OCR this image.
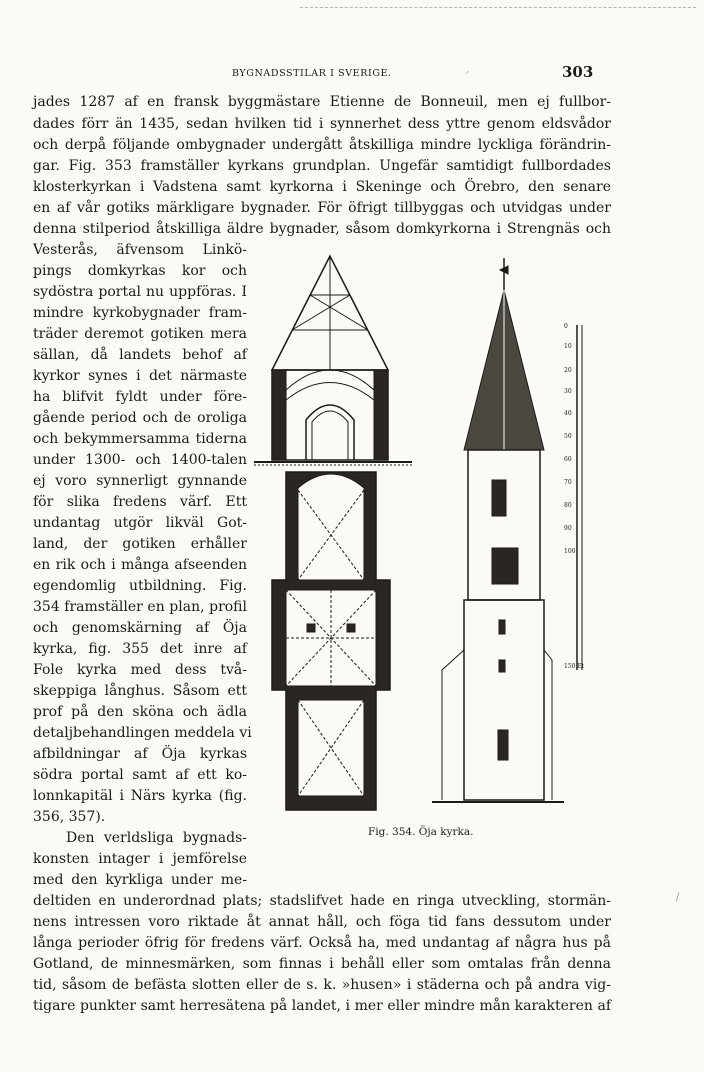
BYGNADSSTILAR I SVERIGE.	303
,
/
jades 1287 af en fransk byggmästare Etienne de Bonneuil, men ej fullbor-
dades förr än 1435, sedan hvilken tid i synnerhet dess yttre genom eldsvådor
och derpå följande ombygnader undergått åtskilliga mindre lyckliga förändrin-
gar. Fig. 353 framställer kyrkans grundplan. Ungefär samtidigt fullbordades
klosterkyrkan i Vadstena samt kyrkorna i Skeninge och Örebro, den senare
en af vår gotiks märkligare bygnader. För öfrigt tillbyggas och utvidgas under
denna stilperiod åtskilliga äldre bygnader, såsom domkyrkorna i Strengnäs och
Vesterås, äfvensom Linkö-
pings domkyrkas kor och
sydöstra portal nu uppföras. I
mindre kyrkobygnader fram-
träder deremot gotiken mera
sällan, då landets behof af
kyrkor synes i det närmaste
ha blifvit fyldt under före-
gående period och de oroliga
och bekymmersamma tiderna
under 1300- och 1400-talen
ej voro synnerligt gynnande
för slika fredens värf. Ett
undantag utgör likväl Got-
land, der gotiken erhåller
en rik och i många afseenden
egendomlig utbildning. Fig.
354 framställer en plan, profil
och genomskärning af Öja
kyrka, fig. 355 det inre af
Fole kyrka med dess två-
skeppiga långhus. Såsom ett
prof på den sköna och ädla
detaljbehandlingen meddela vi
afbildningar af Öja kyrkas
södra portal samt af ett ko-
lonnkapitäl i Närs kyrka (fig.
356, 357).
Den verldsliga bygnads-
konsten intager i jemförelse
med den kyrkliga under me-
deltiden en underordnad plats; stadslifvet hade en ringa utveckling, stormän-
nens intressen voro riktade åt annat håll, och föga tid fans dessutom under
långa perioder öfrig för fredens värf. Också ha, med undantag af några hus på
Gotland, de minnesmärken, som finnas i behåll eller som omtalas från denna
tid, såsom de befästa slotten eller de s. k. »husen» i städerna och på andra vig-
tigare punkter samt herresätena på landet, i mer eller mindre mån karakteren af
0
10
20
30
40
50
60
70
80
90
100
150 Et
Fig. 354. Öja kyrka.
